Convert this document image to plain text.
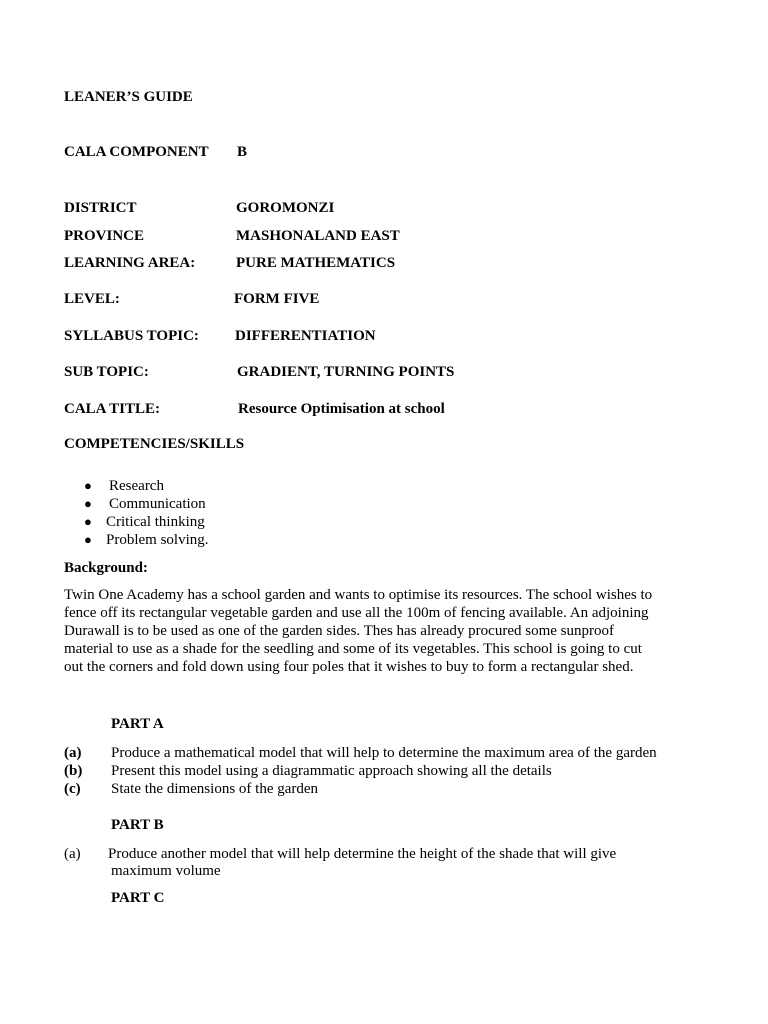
LEANER’S GUIDE
CALA COMPONENT B
DISTRICT	GOROMONZI
PROVINCE	MASHONALAND EAST
LEARNING AREA:	PURE MATHEMATICS
LEVEL:	FORM FIVE
SYLLABUS TOPIC: DIFFERENTIATION
SUB TOPIC:	GRADIENT, TURNING POINTS
CALA TITLE:	Resource Optimisation at school
COMPETENCIES/SKILLS
● Research
● Communication
● Critical thinking
● Problem solving.
Background:
Twin One Academy has a school garden and wants to optimise its resources. The school wishes to
fence off its rectangular vegetable garden and use all the 100m of fencing available. An adjoining
Durawall is to be used as one of the garden sides. Thes has already procured some sunproof
material to use as a shade for the seedling and some of its vegetables. This school is going to cut
out the corners and fold down using four poles that it wishes to buy to form a rectangular shed.
PART A
(a) Produce a mathematical model that will help to determine the maximum area of the garden
(b) Present this model using a diagrammatic approach showing all the details
(c) State the dimensions of the garden
PART B
(a) Produce another model that will help determine the height of the shade that will give
maximum volume
PART C
